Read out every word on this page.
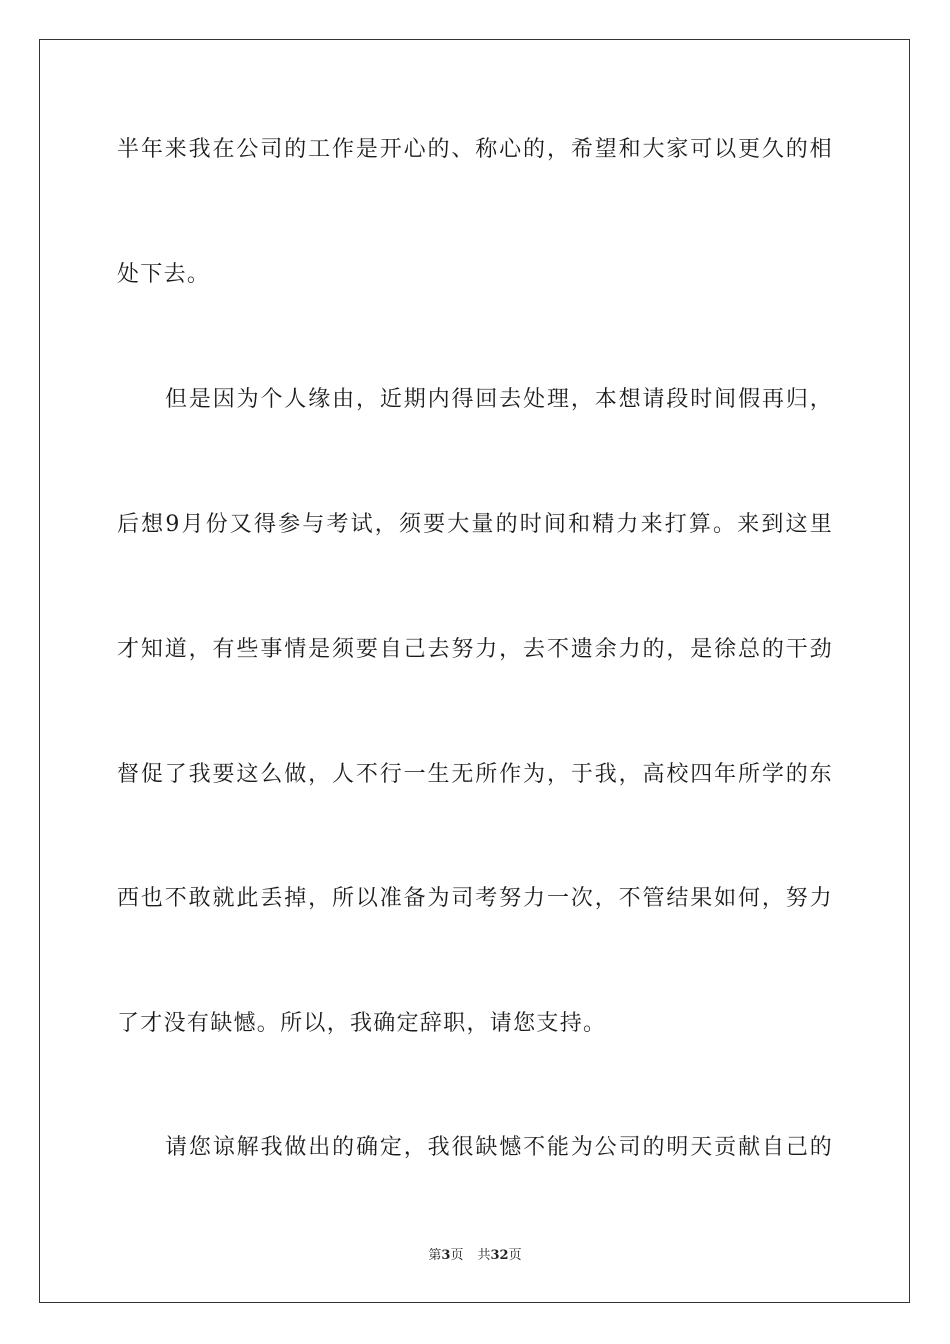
半年来我在公司的工作是开心的、称心的，希望和大家可以更久的相
处下去。
但是因为个人缘由，近期内得回去处理，本想请段时间假再归，
后想9月份又得参与考试，须要大量的时间和精力来打算。来到这里
才知道，有些事情是须要自己去努力，去不遗余力的，是徐总的干劲
督促了我要这么做，人不行一生无所作为，于我，高校四年所学的东
西也不敢就此丢掉，所以准备为司考努力一次，不管结果如何，努力
了才没有缺憾。所以，我确定辞职，请您支持。
请您谅解我做出的确定，我很缺憾不能为公司的明天贡献自己的
第3页 共32页
